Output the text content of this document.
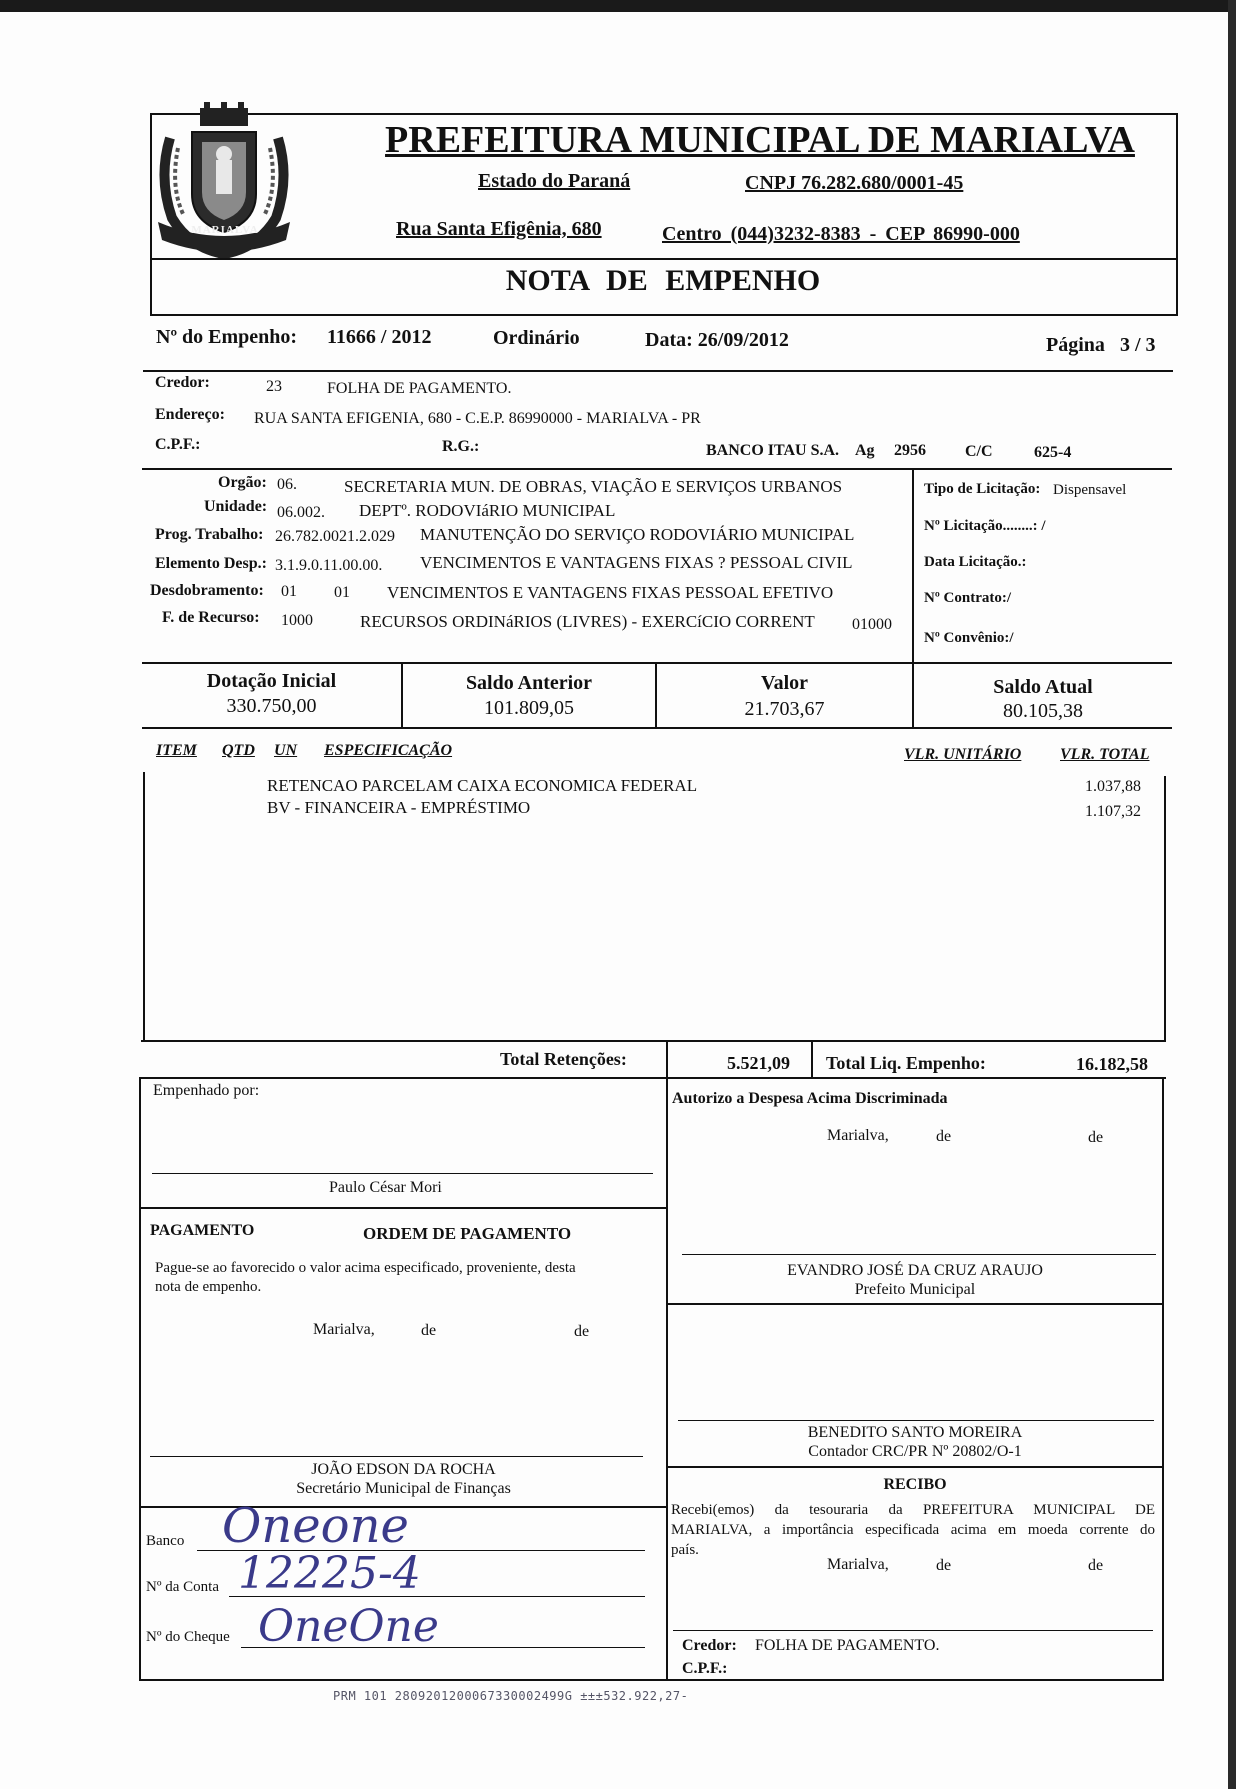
MARIALVA
PREFEITURA MUNICIPAL DE MARIALVA
Estado do Paraná	CNPJ 76.282.680/0001-45
Rua Santa Efigênia, 680	Centro (044)3232-8383 - CEP 86990-000
NOTA DE EMPENHO
Nº do Empenho: 11666 / 2012	Ordinário	Data: 26/09/2012	Página 3 / 3
Credor:	23	FOLHA DE PAGAMENTO.
Endereço: RUA SANTA EFIGENIA, 680 - C.E.P. 86990000 - MARIALVA - PR
C.P.F.:	R.G.:	BANCO ITAU S.A. Ag 2956 C/C	625-4
Orgão: 06.	SECRETARIA MUN. DE OBRAS, VIAÇÃO E SERVIÇOS URBANOS
Unidade: 06.002. DEPTº. RODOVIáRIO MUNICIPAL
Prog. Trabalho: 26.782.0021.2.029 MANUTENÇÃO DO SERVIÇO RODOVIÁRIO MUNICIPAL
Elemento Desp.: 3.1.9.0.11.00.00. VENCIMENTOS E VANTAGENS FIXAS ? PESSOAL CIVIL
Desdobramento: 01 01 VENCIMENTOS E VANTAGENS FIXAS PESSOAL EFETIVO
F. de Recurso: 1000	RECURSOS ORDINáRIOS (LIVRES) - EXERCíCIO CORRENT 01000
Tipo de Licitação: Dispensavel
Nº Licitação........: /
Data Licitação.:
Nº Contrato:/
Nº Convênio:/
Dotação Inicial
330.750,00
Saldo Anterior
101.809,05
Valor
21.703,67
Saldo Atual
80.105,38
ITEM QTD UN ESPECIFICAÇÃO	VLR. UNITÁRIO VLR. TOTAL
RETENCAO PARCELAM CAIXA ECONOMICA FEDERAL	1.037,88
BV - FINANCEIRA - EMPRÉSTIMO	1.107,32
Total Retenções:	5.521,09 Total Liq. Empenho:	16.182,58
Empenhado por:
Paulo César Mori
Autorizo a Despesa Acima Discriminada
Marialva,	de	de
EVANDRO JOSÉ DA CRUZ ARAUJO
Prefeito Municipal
BENEDITO SANTO MOREIRA
Contador CRC/PR Nº 20802/O-1
PAGAMENTO	ORDEM DE PAGAMENTO
Pague-se ao favorecido o valor acima especificado, proveniente, desta
nota de empenho.
Marialva,	de	de
JOÃO EDSON DA ROCHA
Secretário Municipal de Finanças
Banco Oneone
Nº da Conta 12225-4
Nº do Cheque OneOne
RECIBO
Recebi(emos) da tesouraria da PREFEITURA MUNICIPAL DE
MARIALVA, a importância especificada acima em moeda corrente do
país.
Marialva,	de	de
Credor: FOLHA DE PAGAMENTO.
C.P.F.:
PRM 101 2809201200067330002499G ±±±532.922,27-
